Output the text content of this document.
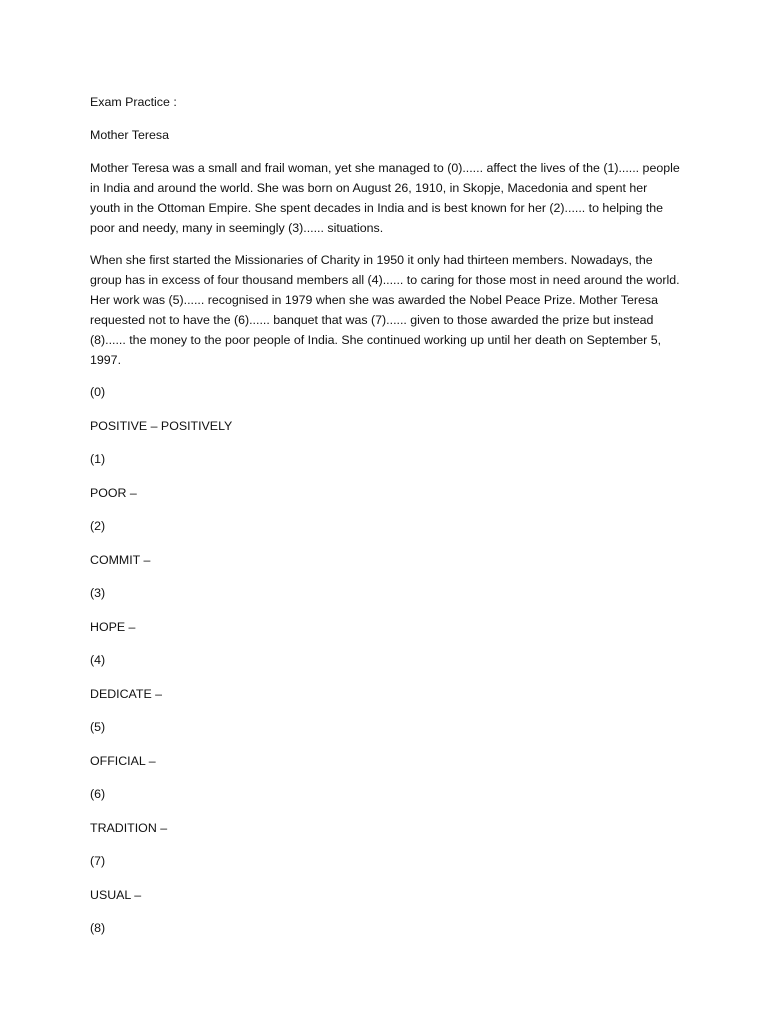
Exam Practice :

Mother Teresa

Mother Teresa was a small and frail woman, yet she managed to (0)...... affect the lives of the (1)...... people in India and around the world. She was born on August 26, 1910, in Skopje, Macedonia and spent her youth in the Ottoman Empire. She spent decades in India and is best known for her (2)...... to helping the poor and needy, many in seemingly (3)...... situations.

When she first started the Missionaries of Charity in 1950 it only had thirteen members. Nowadays, the group has in excess of four thousand members all (4)...... to caring for those most in need around the world. Her work was (5)...... recognised in 1979 when she was awarded the Nobel Peace Prize. Mother Teresa requested not to have the (6)...... banquet that was (7)...... given to those awarded the prize but instead (8)...... the money to the poor people of India. She continued working up until her death on September 5, 1997.

(0)

POSITIVE – POSITIVELY

(1)

POOR –

(2)

COMMIT –

(3)

HOPE –

(4)

DEDICATE –

(5)

OFFICIAL –

(6)

TRADITION –

(7)

USUAL –

(8)
